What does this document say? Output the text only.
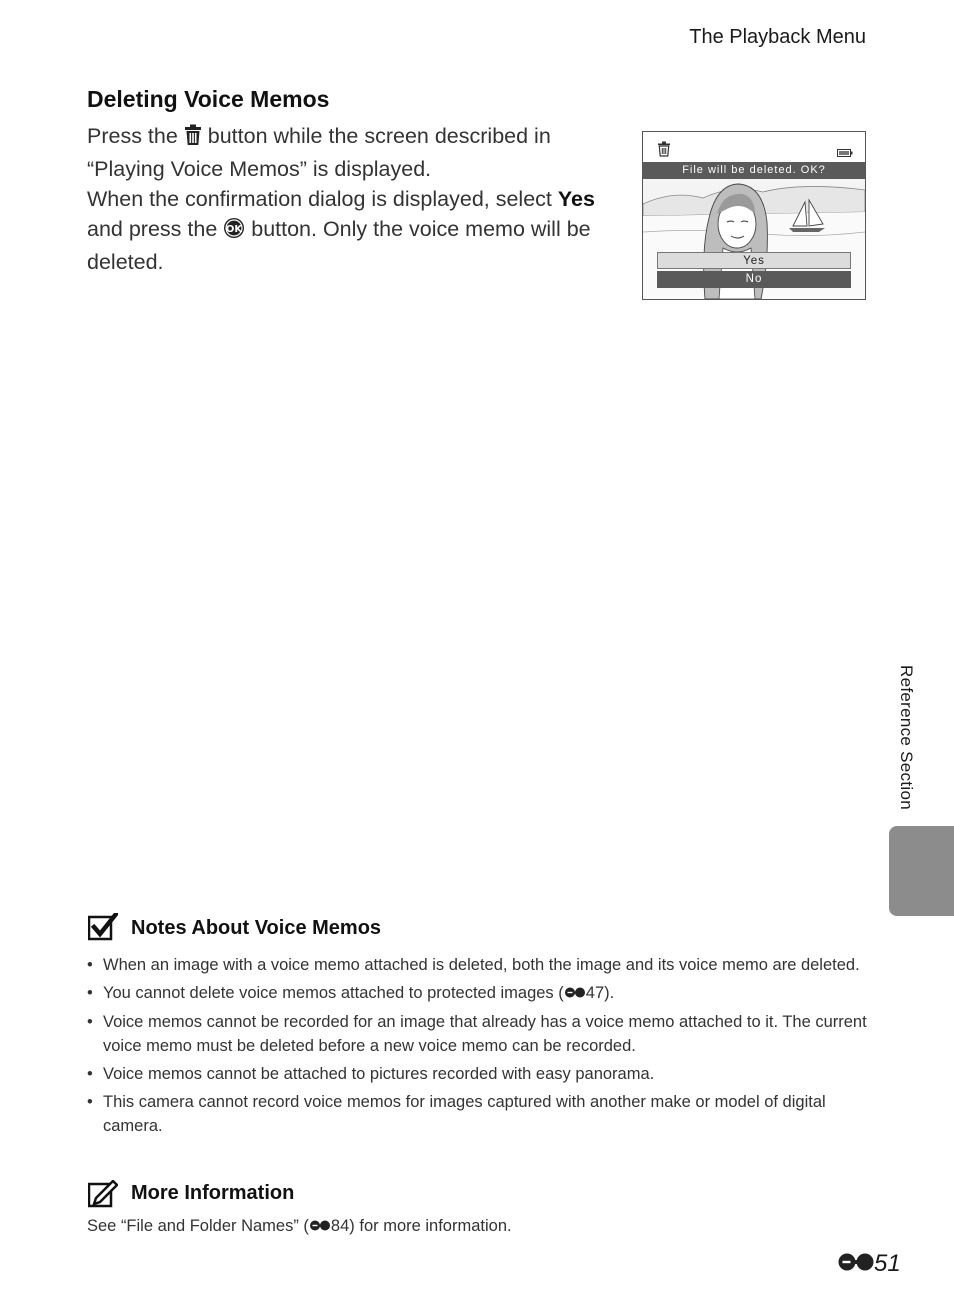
The Playback Menu
Deleting Voice Memos
Press the  button while the screen described in “Playing Voice Memos” is displayed.
When the confirmation dialog is displayed, select Yes and press the OK button. Only the voice memo will be deleted.
File will be deleted. OK?
Yes
No
Reference Section
Notes About Voice Memos
• When an image with a voice memo attached is deleted, both the image and its voice memo are deleted.
• You cannot delete voice memos attached to protected images ( 47).
• Voice memos cannot be recorded for an image that already has a voice memo attached to it. The current voice memo must be deleted before a new voice memo can be recorded.
• Voice memos cannot be attached to pictures recorded with easy panorama.
• This camera cannot record voice memos for images captured with another make or model of digital camera.
More Information
See “File and Folder Names” ( 84) for more information.
51
